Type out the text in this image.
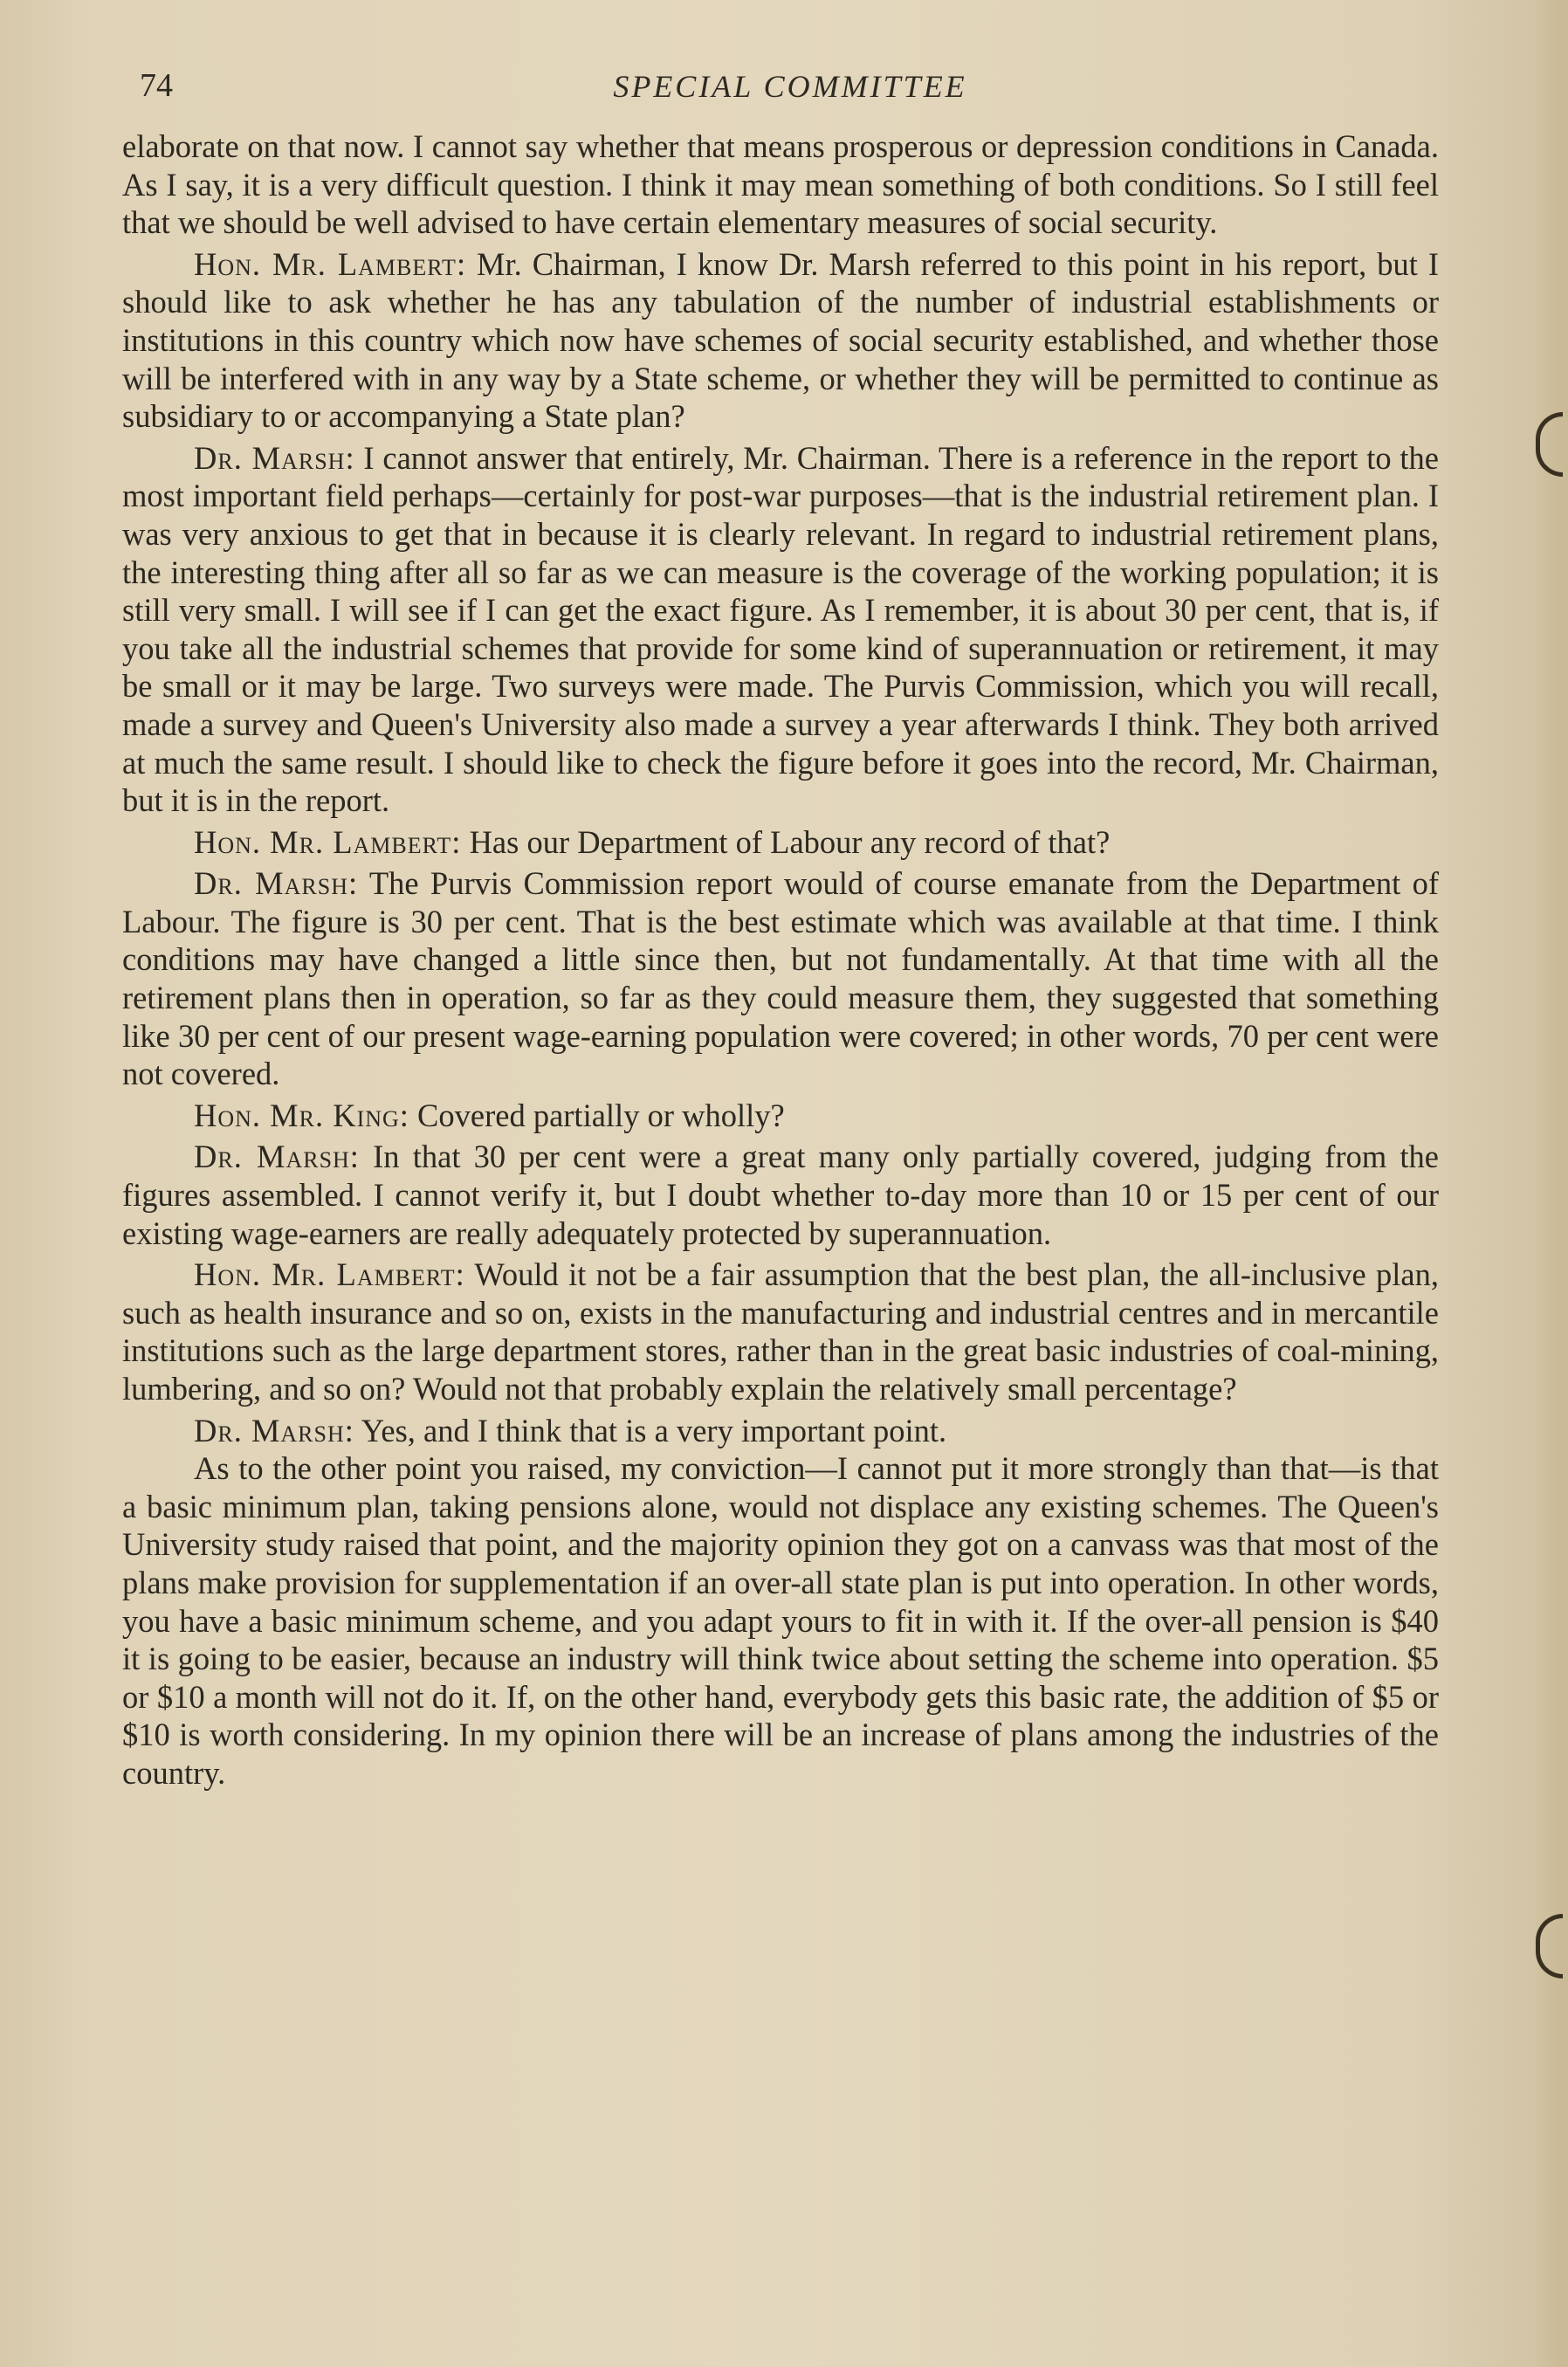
74	SPECIAL COMMITTEE

elaborate on that now. I cannot say whether that means prosperous or depression conditions in Canada. As I say, it is a very difficult question. I think it may mean something of both conditions. So I still feel that we should be well advised to have certain elementary measures of social security.

Hon. Mr. Lambert: Mr. Chairman, I know Dr. Marsh referred to this point in his report, but I should like to ask whether he has any tabulation of the number of industrial establishments or institutions in this country which now have schemes of social security established, and whether those will be interfered with in any way by a State scheme, or whether they will be permitted to continue as subsidiary to or accompanying a State plan?

Dr. Marsh: I cannot answer that entirely, Mr. Chairman. There is a reference in the report to the most important field perhaps—certainly for post-war purposes—that is the industrial retirement plan. I was very anxious to get that in because it is clearly relevant. In regard to industrial retirement plans, the interesting thing after all so far as we can measure is the coverage of the working population; it is still very small. I will see if I can get the exact figure. As I remember, it is about 30 per cent, that is, if you take all the industrial schemes that provide for some kind of superannuation or retirement, it may be small or it may be large. Two surveys were made. The Purvis Commission, which you will recall, made a survey and Queen's University also made a survey a year afterwards I think. They both arrived at much the same result. I should like to check the figure before it goes into the record, Mr. Chairman, but it is in the report.

Hon. Mr. Lambert: Has our Department of Labour any record of that?

Dr. Marsh: The Purvis Commission report would of course emanate from the Department of Labour. The figure is 30 per cent. That is the best estimate which was available at that time. I think conditions may have changed a little since then, but not fundamentally. At that time with all the retirement plans then in operation, so far as they could measure them, they suggested that something like 30 per cent of our present wage-earning population were covered; in other words, 70 per cent were not covered.

Hon. Mr. King: Covered partially or wholly?

Dr. Marsh: In that 30 per cent were a great many only partially covered, judging from the figures assembled. I cannot verify it, but I doubt whether to-day more than 10 or 15 per cent of our existing wage-earners are really adequately protected by superannuation.

Hon. Mr. Lambert: Would it not be a fair assumption that the best plan, the all-inclusive plan, such as health insurance and so on, exists in the manufacturing and industrial centres and in mercantile institutions such as the large department stores, rather than in the great basic industries of coal-mining, lumbering, and so on? Would not that probably explain the relatively small percentage?

Dr. Marsh: Yes, and I think that is a very important point.

As to the other point you raised, my conviction—I cannot put it more strongly than that—is that a basic minimum plan, taking pensions alone, would not displace any existing schemes. The Queen's University study raised that point, and the majority opinion they got on a canvass was that most of the plans make provision for supplementation if an over-all state plan is put into operation. In other words, you have a basic minimum scheme, and you adapt yours to fit in with it. If the over-all pension is $40 it is going to be easier, because an industry will think twice about setting the scheme into operation. $5 or $10 a month will not do it. If, on the other hand, everybody gets this basic rate, the addition of $5 or $10 is worth considering. In my opinion there will be an increase of plans among the industries of the country.
